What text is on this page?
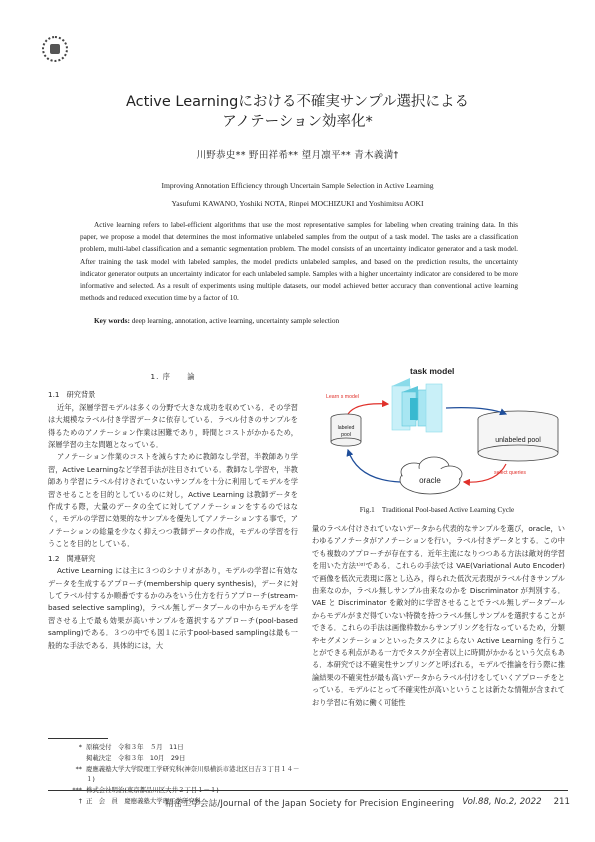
Active Learningにおける不確実サンプル選択による
アノテーション効率化*
川野恭史** 野田祥希** 望月凛平** 青木義満†
Improving Annotation Efficiency through Uncertain Sample Selection in Active Learning
Yasufumi KAWANO, Yoshiki NOTA, Rinpei MOCHIZUKI and Yoshimitsu AOKI
Active learning refers to label-efficient algorithms that use the most representative samples for labeling when creating training data. In this paper, we propose a model that determines the most informative unlabeled samples from the output of a task model. The tasks are a classification problem, multi-label classification and a semantic segmentation problem. The model consists of an uncertainty indicator generator and a task model. After training the task model with labeled samples, the model predicts unlabeled samples, and based on the prediction results, the uncertainty indicator generator outputs an uncertainty indicator for each unlabeled sample. Samples with a higher uncertainty indicator are considered to be more informative and selected. As a result of experiments using multiple datasets, our model achieved better accuracy than conventional active learning methods and reduced execution time by a factor of 10.
Key words: deep learning, annotation, active learning, uncertainty sample selection
1. 序　　論
1.1　研究背景
近年，深層学習モデルは多くの分野で大きな成功を収めている．その学習は大規模なラベル付き学習データに依存している．ラベル付きのサンプルを得るためのアノテーション作業は困難であり，時間とコストがかかるため，深層学習の主な問題となっている．
アノテーション作業のコストを減らすために教師なし学習，半教師あり学習，Active Learningなど学習手法が注目されている．教師なし学習や，半教師あり学習にラベル付けされていないサンプルを十分に利用してモデルを学習させることを目的としているのに対し，Active Learning は教師データを作成する際，大量のデータの全てに対してアノテーションをするのではなく，モデルの学習に効果的なサンプルを優先してアノテーションする事で，アノテーションの総量を少なく抑えつつ教師データの作成，モデルの学習を行うことを目的としている．
1.2　関連研究
Active Learning には主に３つのシナリオがあり，モデルの学習に有効なデータを生成するアプローチ(membership query synthesis)，データに対してラベル付するか順番でするかのみをいう仕方を行うアプローチ(stream-based selective sampling)，ラベル無しデータプールの中からモデルを学習させる上で最も効果が高いサンプルを選択するアプローチ(pool-based sampling)である．３つの中でも図１に示すpool-based samplingは最も一般的な手法である．具体的には，大
task model
Learn s model
labeled
pool
unlabeled pool
oracle
select queries
Fig.1　Traditional Pool-based Active Learning Cycle
量のラベル付けされていないデータから代表的なサンプルを選び，oracle，いわゆるアノテータがアノテーションを行い，ラベル付きデータとする．この中でも複数のアプローチが存在する．近年主流になりつつある方法は敵対的学習を用いた方法¹⁾²⁾である．これらの手法では VAE(Variational Auto Encoder)で画像を低次元表現に落とし込み，得られた低次元表現がラベル付きサンプル由来なのか，ラベル無しサンプル由来なのかを Discriminator が判別する．VAE と Discriminator を敵対的に学習させることでラベル無しデータプールからモデルがまだ得ていない特徴を持つラベル無しサンプルを選択することができる．これらの手法は画像枠数からサンプリングを行なっているため，分類やセグメンテーションといったタスクによらない Active Learning を行うことができる利点がある一方でタスクが全者以上に時間がかかるという欠点もある．本研究では不確実性サンプリングと呼ばれる，モデルで推論を行う際に推論結果の不確実性が最も高いデータからラベル付けをしていくアプローチをとっている．モデルにとって不確実性が高いということは新たな情報が含まれており学習に有効に働く可能性
* 原稿受付　令和３年　５月　11日
掲載決定　令和３年　10月　29日
** 慶應義塾大学大学院理工学研究科(神奈川県横浜市港北区日吉３丁目１４－１)
*** 株式会社明治(東京都品川区大井２丁目１－１)
† 正　会　員　慶應義塾大学理工学研究科
精密工学会誌/Journal of the Japan Society for Precision Engineering Vol.88, No.2, 2022 211
